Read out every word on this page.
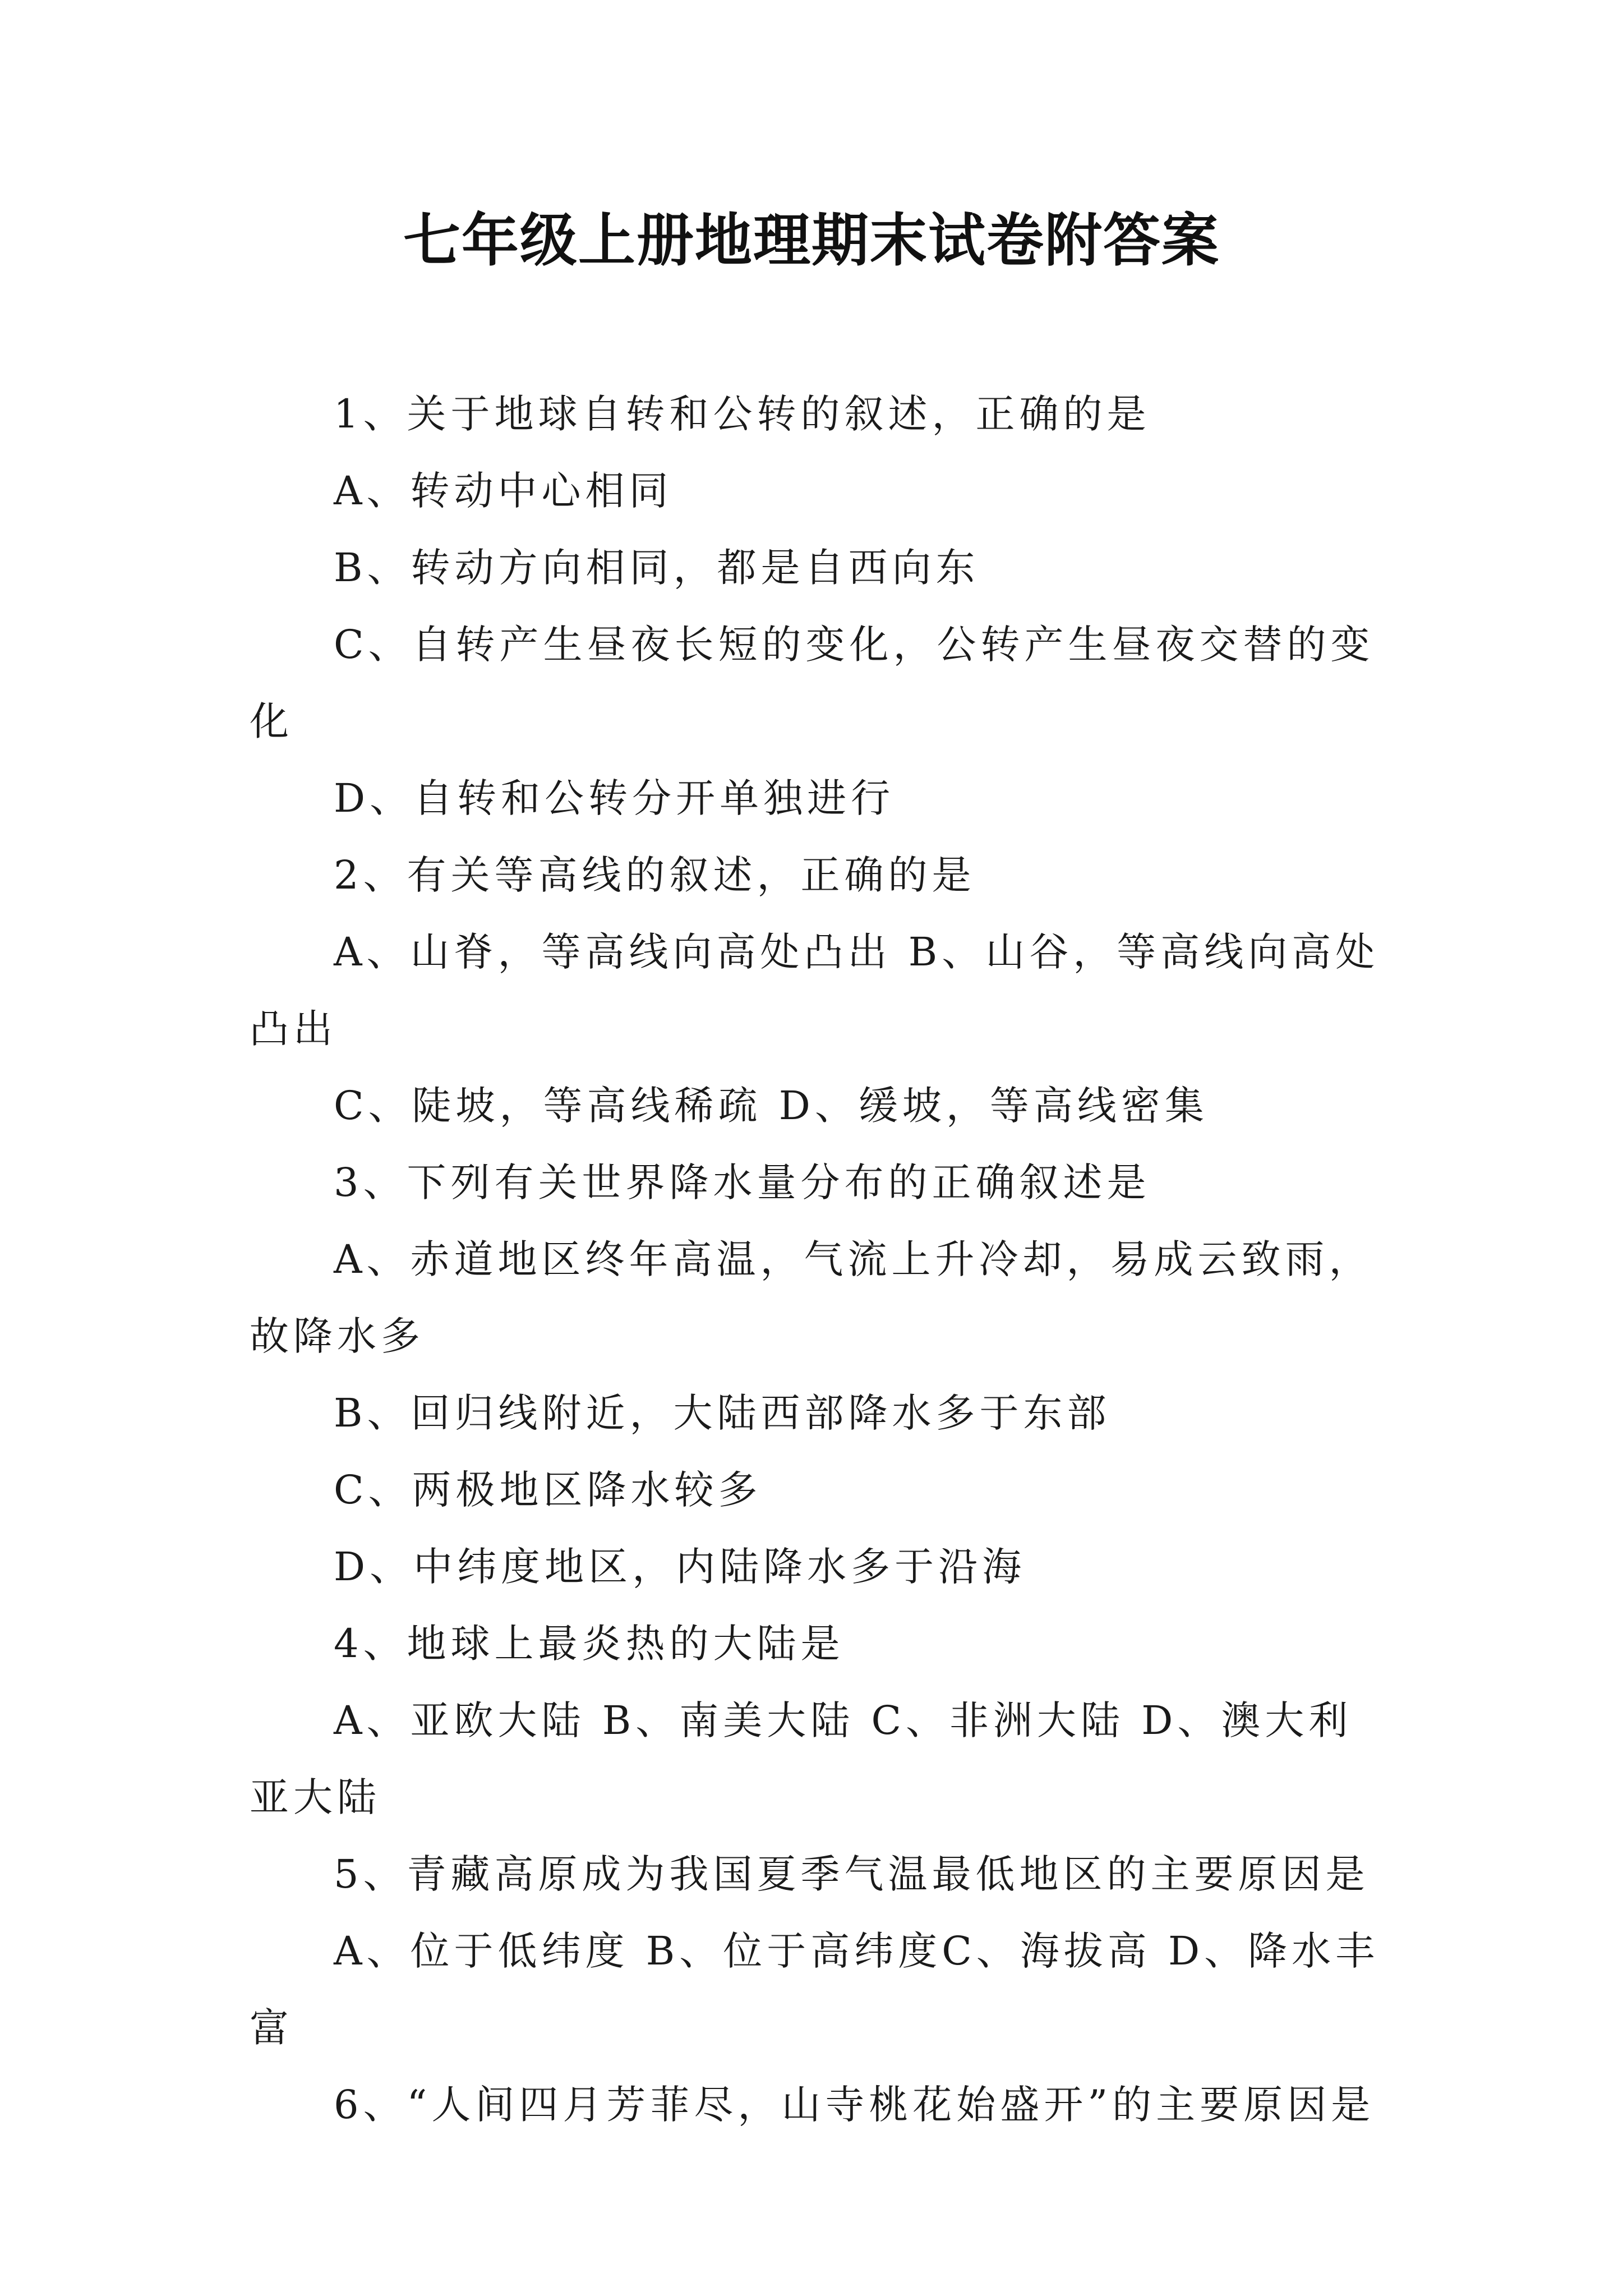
七年级上册地理期末试卷附答案

1、关于地球自转和公转的叙述，正确的是

A、转动中心相同

B、转动方向相同，都是自西向东

C、自转产生昼夜长短的变化，公转产生昼夜交替的变化

D、自转和公转分开单独进行

2、有关等高线的叙述，正确的是

A、山脊，等高线向高处凸出 B、山谷，等高线向高处凸出

C、陡坡，等高线稀疏 D、缓坡，等高线密集

3、下列有关世界降水量分布的正确叙述是

A、赤道地区终年高温，气流上升冷却，易成云致雨，故降水多

B、回归线附近，大陆西部降水多于东部

C、两极地区降水较多

D、中纬度地区，内陆降水多于沿海

4、地球上最炎热的大陆是

A、亚欧大陆 B、南美大陆 C、非洲大陆 D、澳大利亚大陆

5、青藏高原成为我国夏季气温最低地区的主要原因是

A、位于低纬度 B、位于高纬度C、海拔高 D、降水丰富

6、“人间四月芳菲尽，山寺桃花始盛开”的主要原因是
